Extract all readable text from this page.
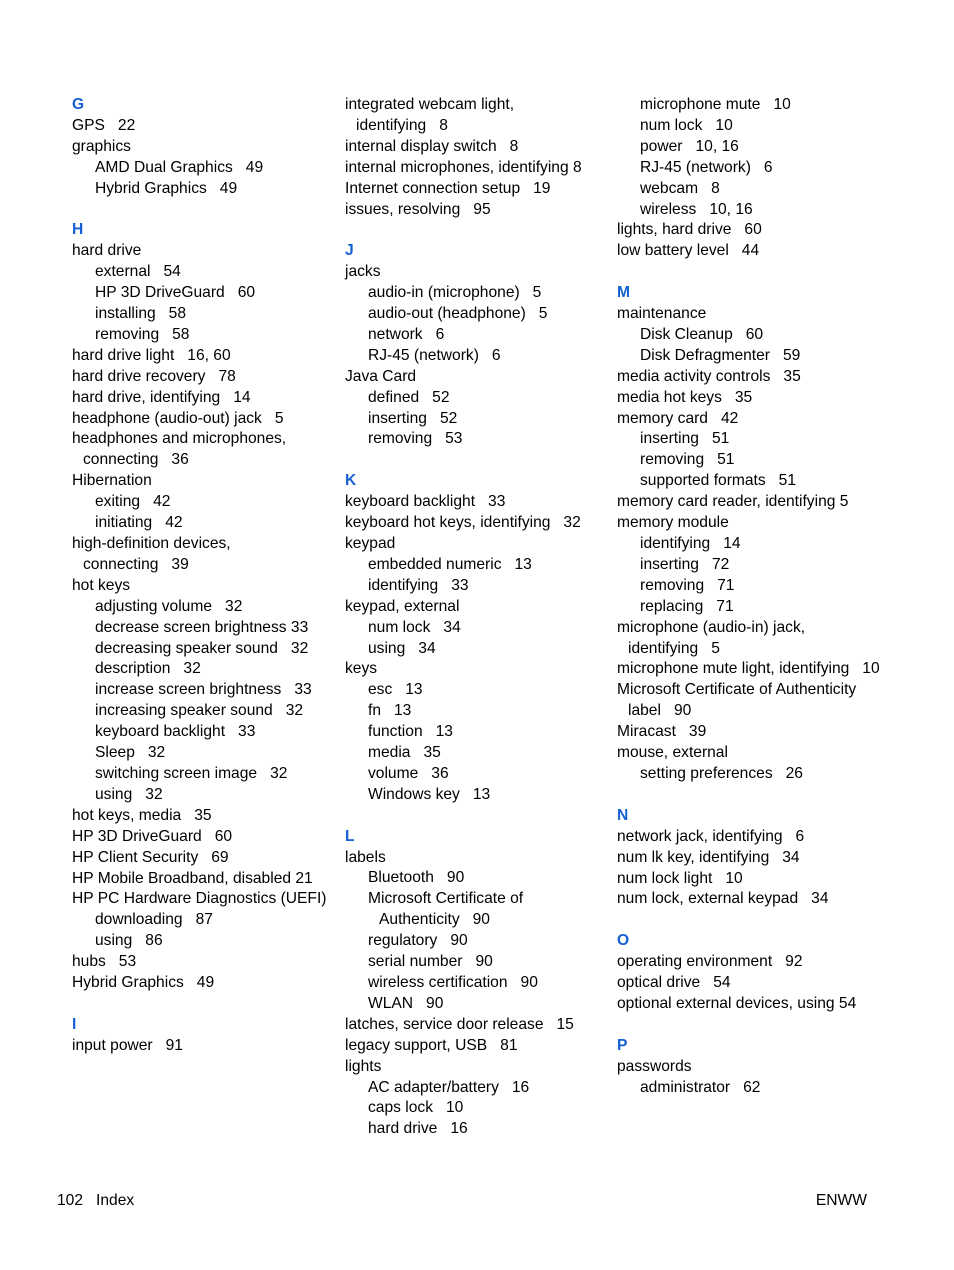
G
GPS   22
graphics
AMD Dual Graphics   49
Hybrid Graphics   49
H
hard drive
external   54
HP 3D DriveGuard   60
installing   58
removing   58
hard drive light   16, 60
hard drive recovery   78
hard drive, identifying   14
headphone (audio-out) jack   5
headphones and microphones, connecting   36
Hibernation
exiting   42
initiating   42
high-definition devices, connecting   39
hot keys
adjusting volume   32
decrease screen brightness 33
decreasing speaker sound   32
description   32
increase screen brightness   33
increasing speaker sound   32
keyboard backlight   33
Sleep   32
switching screen image   32
using   32
hot keys, media   35
HP 3D DriveGuard   60
HP Client Security   69
HP Mobile Broadband, disabled 21
HP PC Hardware Diagnostics (UEFI)
downloading   87
using   86
hubs   53
Hybrid Graphics   49
I
input power   91
integrated webcam light, identifying   8
internal display switch   8
internal microphones, identifying 8
Internet connection setup   19
issues, resolving   95
J
jacks
audio-in (microphone)   5
audio-out (headphone)   5
network   6
RJ-45 (network)   6
Java Card
defined   52
inserting   52
removing   53
K
keyboard backlight   33
keyboard hot keys, identifying   32
keypad
embedded numeric   13
identifying   33
keypad, external
num lock   34
using   34
keys
esc   13
fn   13
function   13
media   35
volume   36
Windows key   13
L
labels
Bluetooth   90
Microsoft Certificate of Authenticity   90
regulatory   90
serial number   90
wireless certification   90
WLAN   90
latches, service door release   15
legacy support, USB   81
lights
AC adapter/battery   16
caps lock   10
hard drive   16
microphone mute   10
num lock   10
power   10, 16
RJ-45 (network)   6
webcam   8
wireless   10, 16
lights, hard drive   60
low battery level   44
M
maintenance
Disk Cleanup   60
Disk Defragmenter   59
media activity controls   35
media hot keys   35
memory card   42
inserting   51
removing   51
supported formats   51
memory card reader, identifying 5
memory module
identifying   14
inserting   72
removing   71
replacing   71
microphone (audio-in) jack, identifying   5
microphone mute light, identifying   10
Microsoft Certificate of Authenticity label   90
Miracast   39
mouse, external
setting preferences   26
N
network jack, identifying   6
num lk key, identifying   34
num lock light   10
num lock, external keypad   34
O
operating environment   92
optical drive   54
optional external devices, using 54
P
passwords
administrator   62
102   Index	ENWW
